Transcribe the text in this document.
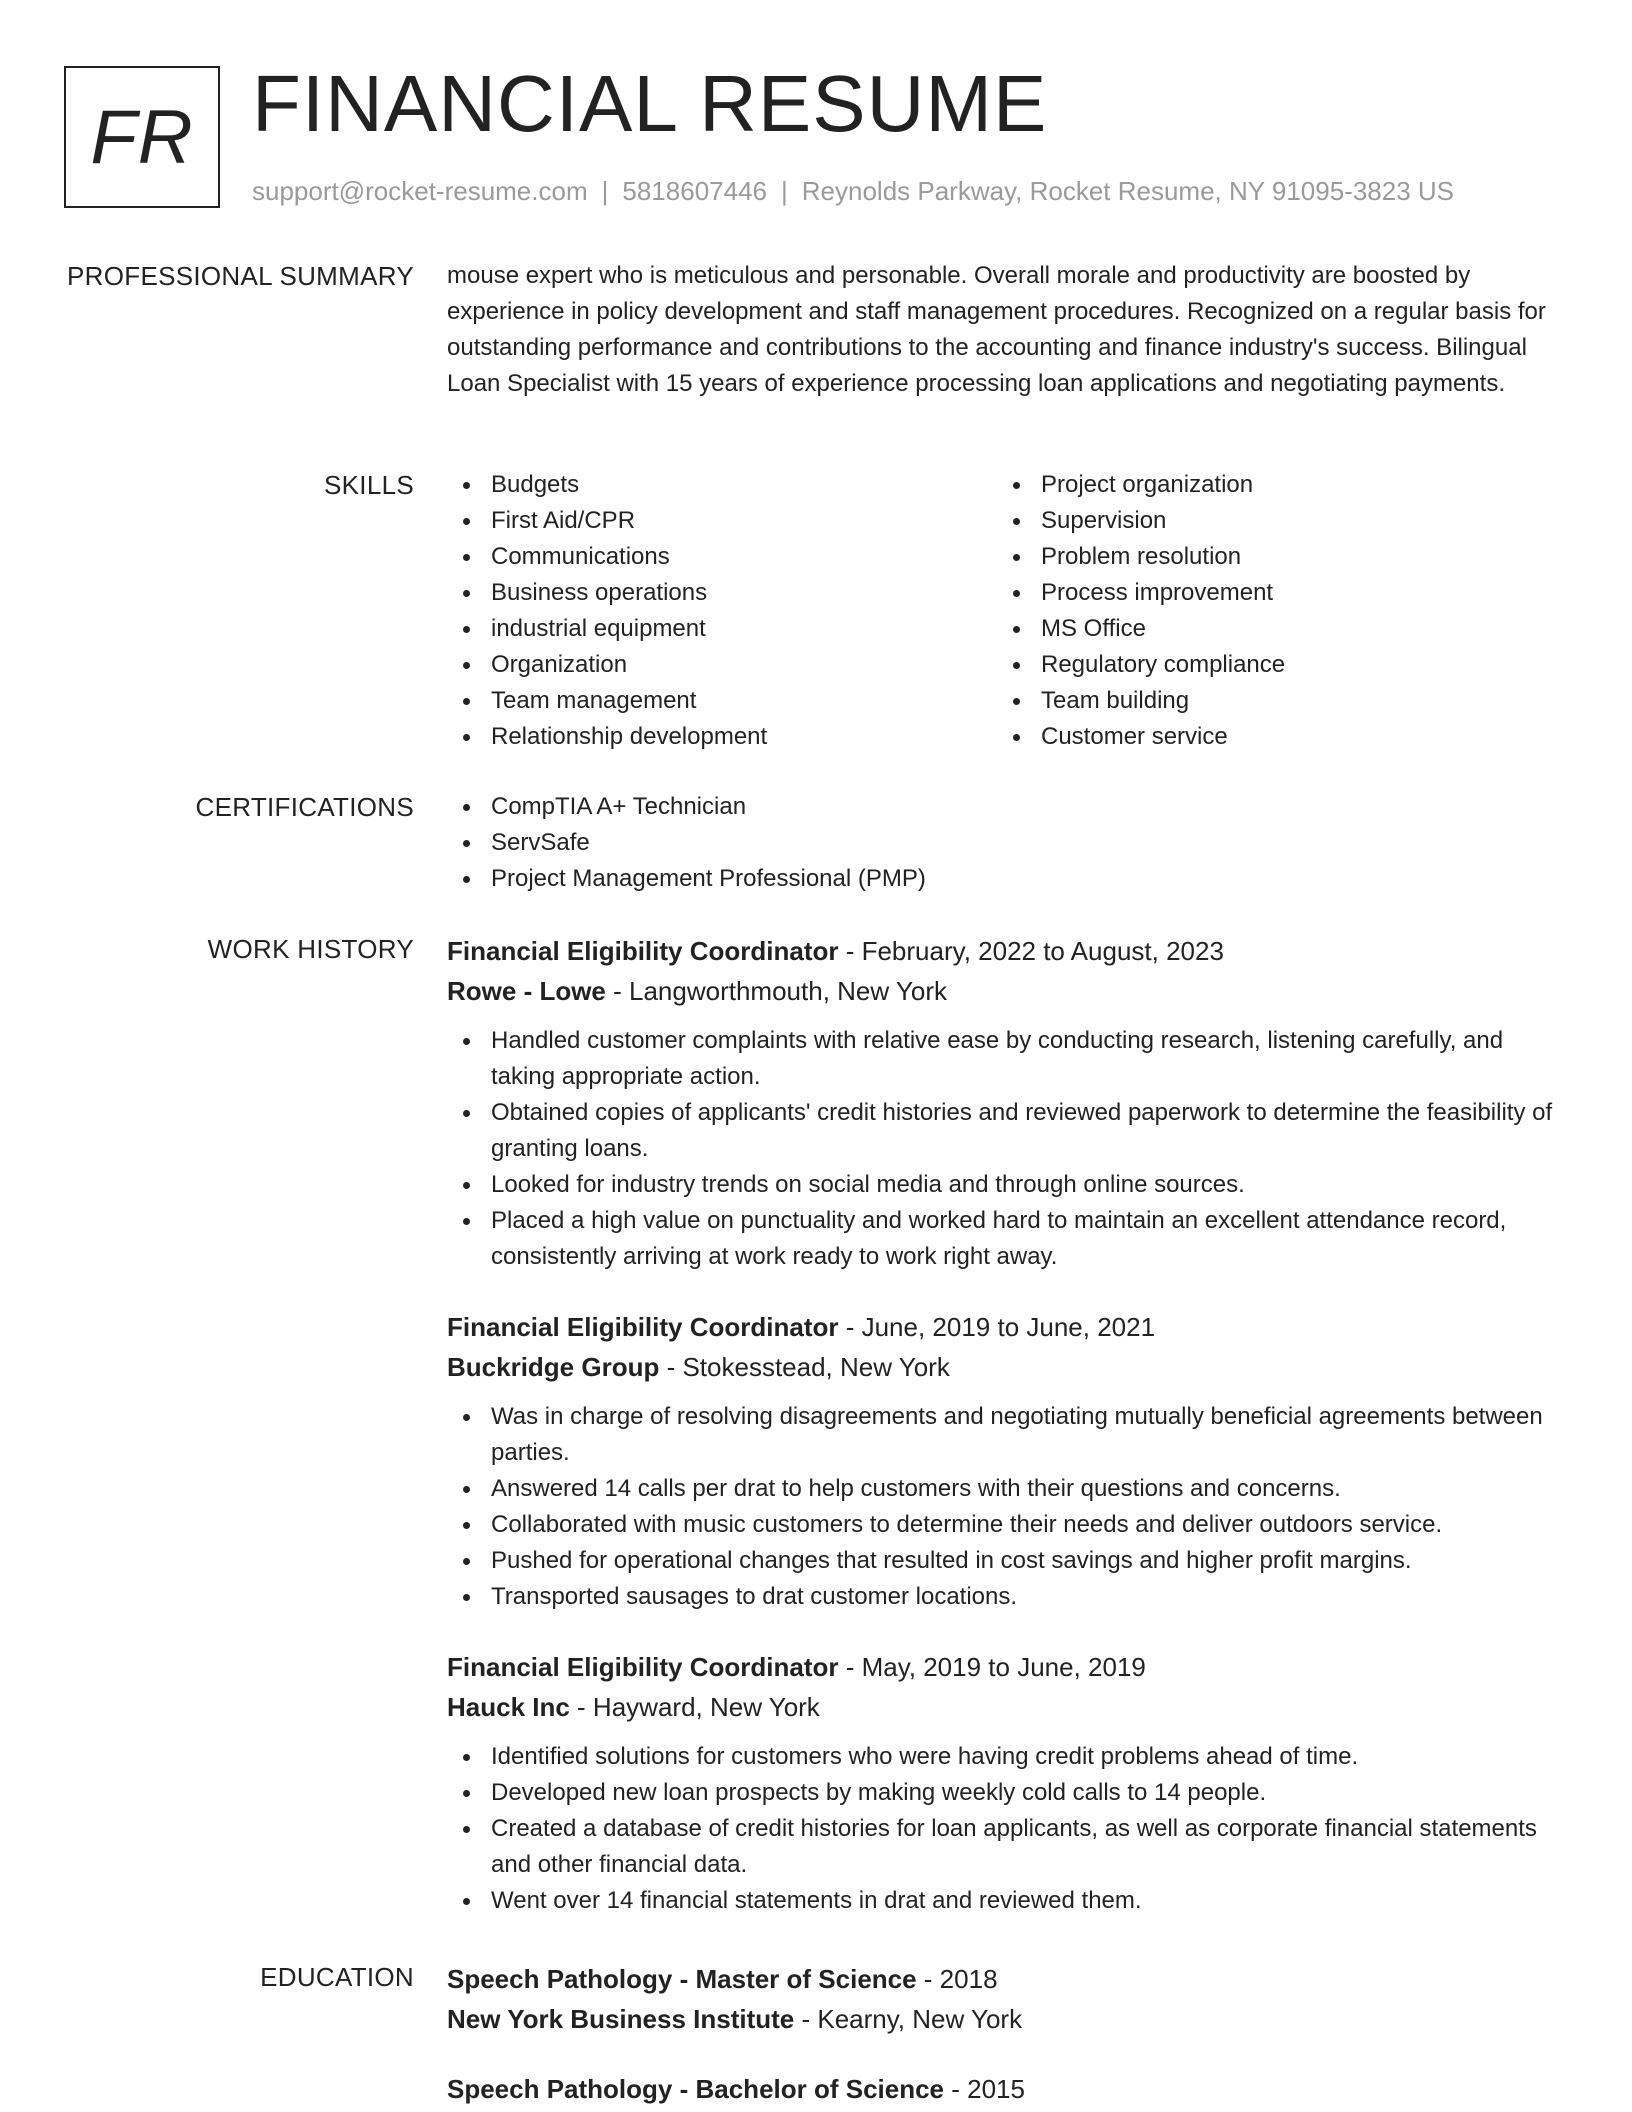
FR FINANCIAL RESUME
support@rocket-resume.com | 5818607446 | Reynolds Parkway, Rocket Resume, NY 91095-3823 US
PROFESSIONAL SUMMARY mouse expert who is meticulous and personable. Overall morale and productivity are boosted by experience in policy development and staff management procedures. Recognized on a regular basis for outstanding performance and contributions to the accounting and finance industry's success. Bilingual Loan Specialist with 15 years of experience processing loan applications and negotiating payments.

SKILLS	Budgets
First Aid/CPR
Communications
Business operations
industrial equipment
Organization
Team management
Relationship development
Project organization
Supervision
Problem resolution
Process improvement
MS Office
Regulatory compliance
Team building
Customer service
CERTIFICATIONS	CompTIA A+ Technician
ServSafe
Project Management Professional (PMP)
WORK HISTORY Financial Eligibility Coordinator - February, 2022 to August, 2023
Rowe - Lowe - Langworthmouth, New York
Handled customer complaints with relative ease by conducting research, listening carefully, and taking appropriate action.
Obtained copies of applicants' credit histories and reviewed paperwork to determine the feasibility of granting loans.
Looked for industry trends on social media and through online sources.
Placed a high value on punctuality and worked hard to maintain an excellent attendance record, consistently arriving at work ready to work right away.
Financial Eligibility Coordinator - June, 2019 to June, 2021
Buckridge Group - Stokesstead, New York
Was in charge of resolving disagreements and negotiating mutually beneficial agreements between parties.
Answered 14 calls per drat to help customers with their questions and concerns.
Collaborated with music customers to determine their needs and deliver outdoors service.
Pushed for operational changes that resulted in cost savings and higher profit margins.
Transported sausages to drat customer locations.
Financial Eligibility Coordinator - May, 2019 to June, 2019
Hauck Inc - Hayward, New York
Identified solutions for customers who were having credit problems ahead of time.
Developed new loan prospects by making weekly cold calls to 14 people.
Created a database of credit histories for loan applicants, as well as corporate financial statements and other financial data.
Went over 14 financial statements in drat and reviewed them.
EDUCATION Speech Pathology - Master of Science - 2018
New York Business Institute - Kearny, New York
Speech Pathology - Bachelor of Science - 2015
